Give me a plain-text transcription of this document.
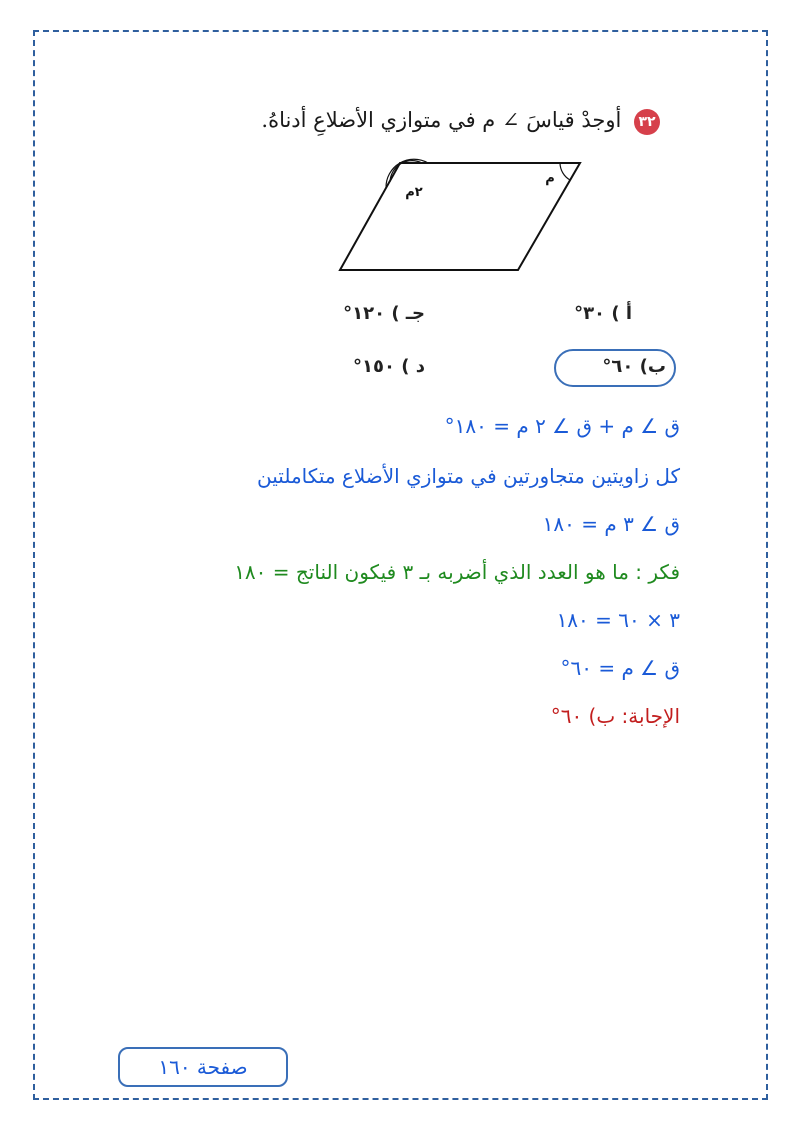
٣٢ أوجدْ قياسَ ∠ م في متوازي الأضلاعِ أدناهُ.
٢م
م
أ ) ٣٠°
جـ ) ١٢٠°
ب) ٦٠°
د ) ١٥٠°
ق ∠ م + ق ∠ ٢ م = ١٨٠°
كل زاويتين متجاورتين في متوازي الأضلاع متكاملتين
ق ∠ ٣ م = ١٨٠
فكر : ما هو العدد الذي أضربه بـ ٣ فيكون الناتج = ١٨٠
٣ × ٦٠ = ١٨٠
ق ∠ م = ٦٠°
الإجابة: ب) ٦٠°
صفحة ١٦٠
